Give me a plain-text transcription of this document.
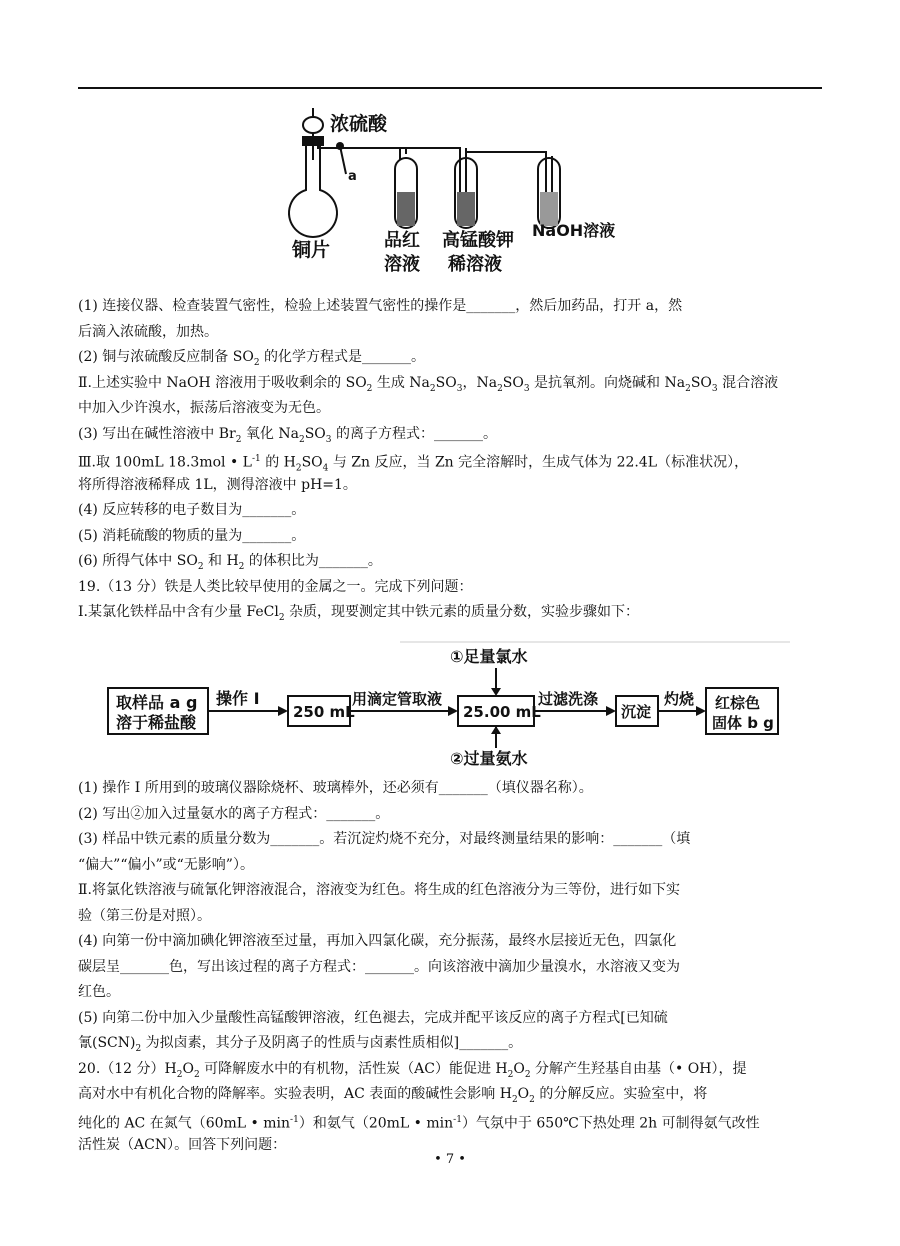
a
浓硫酸
铜片	品红
溶液
高锰酸钾
稀溶液
NaOH溶液
(1) 连接仪器、检查装置气密性，检验上述装置气密性的操作是_______，然后加药品，打开 a，然
后滴入浓硫酸，加热。
(2) 铜与浓硫酸反应制备 $SO_2$ 的化学方程式是_______。
Ⅱ.上述实验中 NaOH 溶液用于吸收剩余的 $SO_2$ 生成 $Na_2SO_3$，$Na_2SO_3$ 是抗氧剂。向烧碱和 $Na_2SO_3$ 混合溶液
中加入少许溴水，振荡后溶液变为无色。
(3) 写出在碱性溶液中 $Br_2$ 氧化 $Na_2SO_3$ 的离子方程式：_______。
Ⅲ.取 100mL 18.3mol • $L^{-1}$ 的 $H_2SO_4$ 与 Zn 反应，当 Zn 完全溶解时，生成气体为 22.4L（标准状况），
将所得溶液稀释成 1L，测得溶液中 pH=1。
(4) 反应转移的电子数目为_______。
(5) 消耗硫酸的物质的量为_______。
(6) 所得气体中 $SO_2$ 和 $H_2$ 的体积比为_______。
19.（13 分）铁是人类比较早使用的金属之一。完成下列问题：
Ⅰ.某氯化铁样品中含有少量 FeCl$_2$ 杂质，现要测定其中铁元素的质量分数，实验步骤如下：
取样品 a g
溶于稀盐酸
操作 I
250 mL
用滴定管取液
25.00 mL
①足量氯水
②过量氨水
过滤洗涤
沉淀
灼烧 红棕色
固体 b g
(1) 操作 I 所用到的玻璃仪器除烧杯、玻璃棒外，还必须有_______（填仪器名称）。
(2) 写出②加入过量氨水的离子方程式：_______。
(3) 样品中铁元素的质量分数为_______。若沉淀灼烧不充分，对最终测量结果的影响：_______（填
“偏大”“偏小”或“无影响”）。
Ⅱ.将氯化铁溶液与硫氰化钾溶液混合，溶液变为红色。将生成的红色溶液分为三等份，进行如下实
验（第三份是对照）。
(4) 向第一份中滴加碘化钾溶液至过量，再加入四氯化碳，充分振荡，最终水层接近无色，四氯化
碳层呈_______色，写出该过程的离子方程式：_______。向该溶液中滴加少量溴水，水溶液又变为
红色。
(5) 向第二份中加入少量酸性高锰酸钾溶液，红色褪去，完成并配平该反应的离子方程式[已知硫
氰$(SCN)_2$ 为拟卤素，其分子及阴离子的性质与卤素性质相似]_______。
20.（12 分）$H_2O_2$ 可降解废水中的有机物，活性炭（AC）能促进 $H_2O_2$ 分解产生羟基自由基（• OH），提
高对水中有机化合物的降解率。实验表明，AC 表面的酸碱性会影响 $H_2O_2$ 的分解反应。实验室中，将
纯化的 AC 在氮气（60mL • $\min^{-1}$）和氨气（20mL • $\min^{-1}$）气氛中于 650℃下热处理 2h 可制得氨气改性
活性炭（ACN）。回答下列问题：
• 7 •
